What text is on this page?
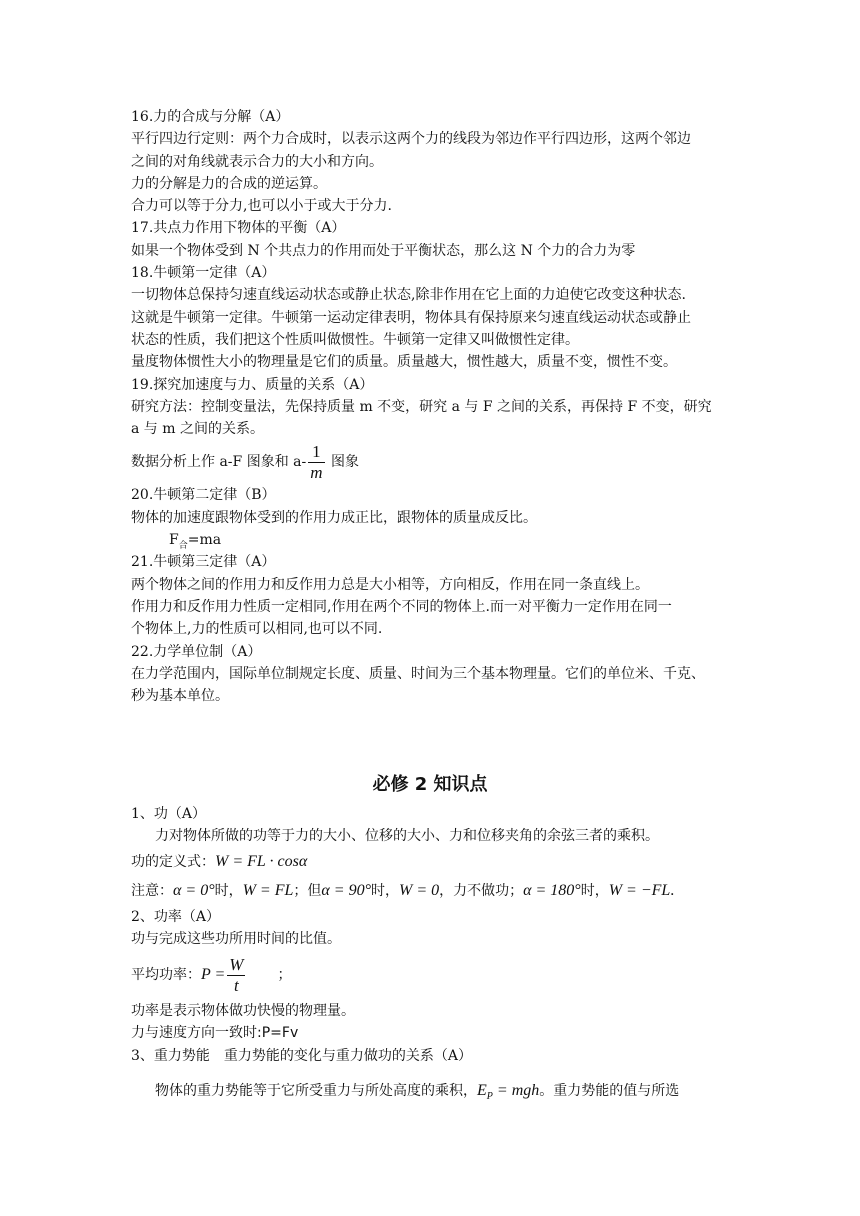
16.力的合成与分解（A）
平行四边行定则：两个力合成时，以表示这两个力的线段为邻边作平行四边形，这两个邻边
之间的对角线就表示合力的大小和方向。
力的分解是力的合成的逆运算。
合力可以等于分力,也可以小于或大于分力.
17.共点力作用下物体的平衡（A）
如果一个物体受到 N 个共点力的作用而处于平衡状态，那么这 N 个力的合力为零
18.牛顿第一定律（A）
一切物体总保持匀速直线运动状态或静止状态,除非作用在它上面的力迫使它改变这种状态.
这就是牛顿第一定律。牛顿第一运动定律表明，物体具有保持原来匀速直线运动状态或静止
状态的性质，我们把这个性质叫做惯性。牛顿第一定律又叫做惯性定律。
量度物体惯性大小的物理量是它们的质量。质量越大，惯性越大，质量不变，惯性不变。
19.探究加速度与力、质量的关系（A）
研究方法：控制变量法，先保持质量 m 不变，研究 a 与 F 之间的关系，再保持 F 不变，研究
a 与 m 之间的关系。
数据分析上作 a-F 图象和 $a- \frac{1}{m}$ 图象
20.牛顿第二定律（B）
物体的加速度跟物体受到的作用力成正比，跟物体的质量成反比。
$F_合=ma$
21.牛顿第三定律（A）
两个物体之间的作用力和反作用力总是大小相等，方向相反，作用在同一条直线上。
作用力和反作用力性质一定相同,作用在两个不同的物体上.而一对平衡力一定作用在同一
个物体上,力的性质可以相同,也可以不同.
22.力学单位制（A）
在力学范围内，国际单位制规定长度、质量、时间为三个基本物理量。它们的单位米、千克、
秒为基本单位。
必修 2 知识点
1、功（A）
力对物体所做的功等于力的大小、位移的大小、力和位移夹角的余弦三者的乘积。
功的定义式：W = FL · cosα
注意：α = 0°时，W = FL；但α = 90°时，W = 0，力不做功；α = 180°时，W = −FL.
2、功率（A）
功与完成这些功所用时间的比值。
平均功率：$P = \frac{W}{t}$ ；
功率是表示物体做功快慢的物理量。
力与速度方向一致时:P=Fv
3、重力势能　重力势能的变化与重力做功的关系（A）
物体的重力势能等于它所受重力与所处高度的乘积，$E_P$ = mgh。重力势能的值与所选
